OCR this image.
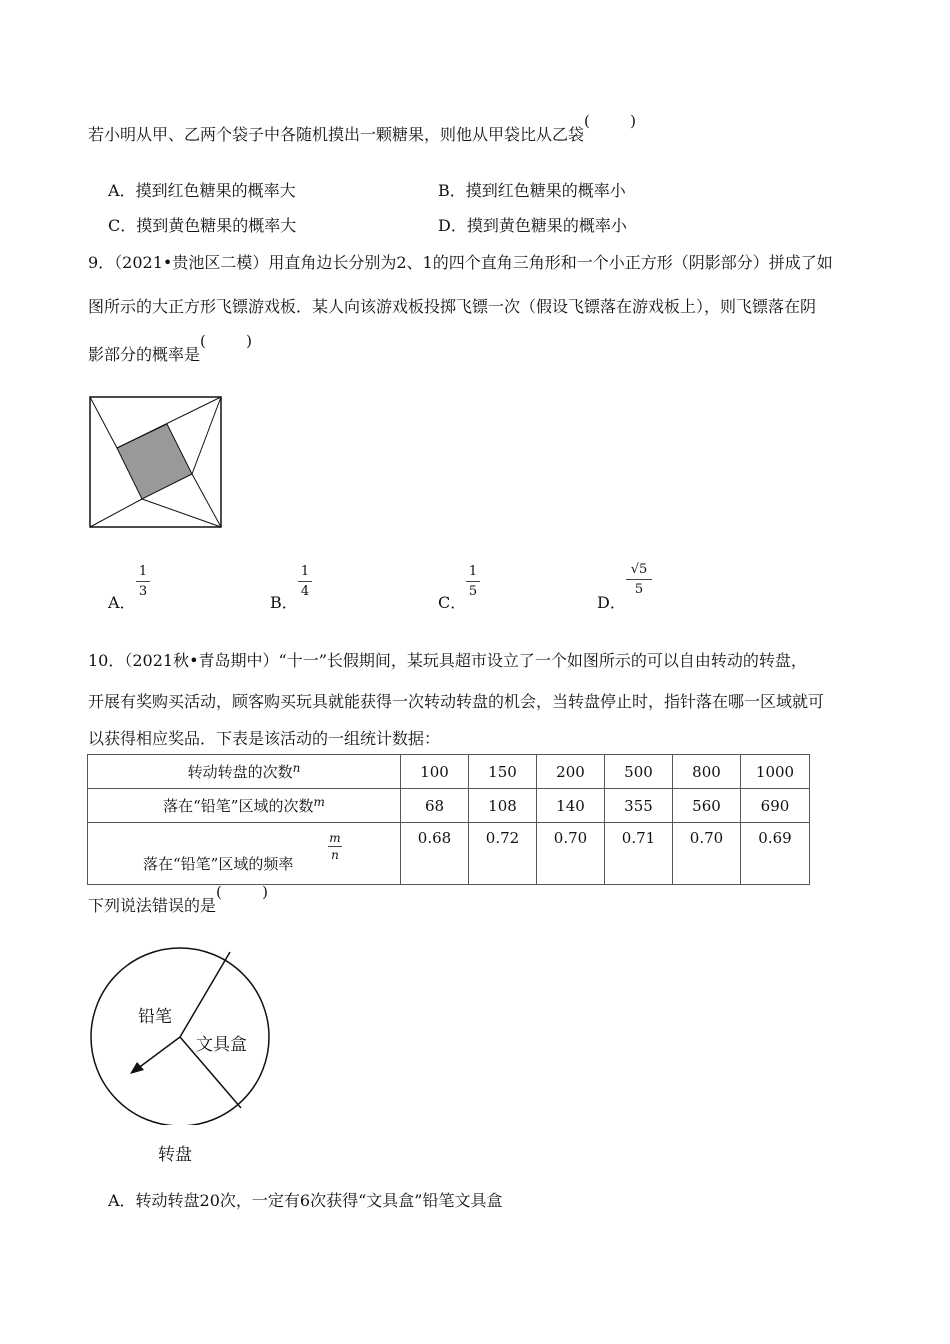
若小明从甲、乙两个袋子中各随机摸出一颗糖果，则他从甲袋比从乙袋
(	)
A．摸到红色糖果的概率大	B．摸到红色糖果的概率小
C．摸到黄色糖果的概率大	D．摸到黄色糖果的概率小
9．（2021•贵池区二模）用直角边长分别为2、1的四个直角三角形和一个小正方形（阴影部分）拼成了如
图所示的大正方形飞镖游戏板．某人向该游戏板投掷飞镖一次（假设飞镖落在游戏板上），则飞镖落在阴
影部分的概率是
(	)
A．
1
3
B．
1
4
C．
1
5
D．
√5
5
10．（2021秋•青岛期中）“十一”长假期间，某玩具超市设立了一个如图所示的可以自由转动的转盘，
开展有奖购买活动，顾客购买玩具就能获得一次转动转盘的机会，当转盘停止时，指针落在哪一区域就可
以获得相应奖品．下表是该活动的一组统计数据：
转动转盘的次数$^n$	100	150	200	500	800	1000
落在“铅笔”区域的次数$^m$	68	108	140	355	560	690

落在“铅笔”区域的频率
m
n	0.68	0.72	0.70	0.71	0.70	0.69
下列说法错误的是
(	)
铅笔
文具盒
转盘
A．转动转盘20次，一定有6次获得“文具盒”铅笔文具盒
